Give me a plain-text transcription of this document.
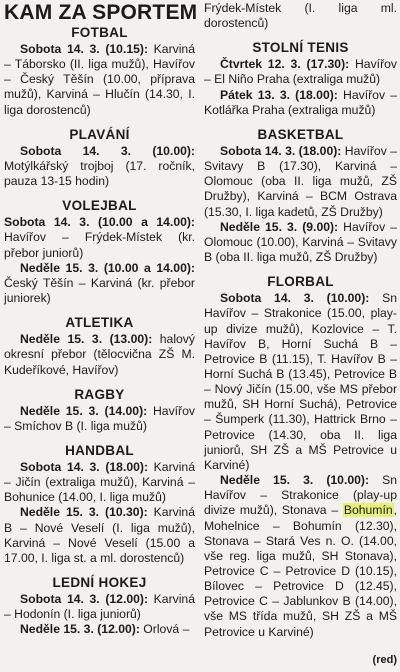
KAM ZA SPORTEM
FOTBAL

Sobota 14. 3. (10.15): Karviná – Táborsko (II. liga mužů), Havířov – Český Těšín (10.00, příprava mužů), Karviná – Hlučín (14.30, I. liga dorostenců)

PLAVÁNÍ

Sobota 14. 3. (10.00): Motýlkářský trojboj (17. ročník, pauza 13-15 hodin)

VOLEJBAL

Sobota 14. 3. (10.00 a 14.00): Havířov – Frýdek-Místek (kr. přebor juniorů)

Neděle 15. 3. (10.00 a 14.00): Český Těšín – Karviná (kr. přebor juniorek)

ATLETIKA

Neděle 15. 3. (13.00): halový okresní přebor (tělocvična ZŠ M. Kudeříkové, Havířov)

RAGBY

Neděle 15. 3. (14.00): Havířov – Smíchov B (I. liga mužů)

HANDBAL

Sobota 14. 3. (18.00): Karviná – Jičín (extraliga mužů), Karviná – Bohunice (14.00, I. liga mužů)

Neděle 15. 3. (10.30): Karviná B – Nové Veselí (I. liga mužů), Karviná – Nové Veselí (15.00 a 17.00, I. liga st. a ml. dorostenců)

LEDNÍ HOKEJ

Sobota 14. 3. (12.00): Karviná – Hodonín (I. liga juniorů)

Neděle 15. 3. (12.00): Orlová –

Frýdek-Místek (I. liga ml. dorostenců)

STOLNÍ TENIS

Čtvrtek 12. 3. (17.30): Havířov – El Niño Praha (extraliga mužů)

Pátek 13. 3. (18.00): Havířov – Kotlářka Praha (extraliga mužů)

BASKETBAL

Sobota 14. 3. (18.00): Havířov – Svitavy B (17.30), Karviná – Olomouc (oba II. liga mužů, ZŠ Družby), Karviná – BCM Ostrava (15.30, I. liga kadetů, ZŠ Družby)

Neděle 15. 3. (9.00): Havířov – Olomouc (10.00), Karviná – Svitavy B (oba II. liga mužů, ZŠ Družby)

FLORBAL

Sobota 14. 3. (10.00): Sn Havířov – Strakonice (15.00, play-up divize mužů), Kozlovice – T. Havířov B, Horní Suchá B – Petrovice B (11.15), T. Havířov B – Horní Suchá B (13.45), Petrovice B – Nový Jičín (15.00, vše MS přebor mužů, SH Horní Suchá), Petrovice – Šumperk (11.30), Hattrick Brno – Petrovice (14.30, oba II. liga juniorů, SH ZŠ a MŠ Petrovice u Karviné)

Neděle 15. 3. (10.00): Sn Havířov – Strakonice (play-up divize mužů), Stonava – Bohumín, Mohelnice – Bohumín (12.30), Stonava – Stará Ves n. O. (14.00, vše reg. liga mužů, SH Stonava), Petrovice C – Petrovice D (10.15), Bílovec – Petrovice D (12.45), Petrovice C – Jablunkov B (14.00), vše MS třída mužů, SH ZŠ a MŠ Petrovice u Karviné)

(red)
